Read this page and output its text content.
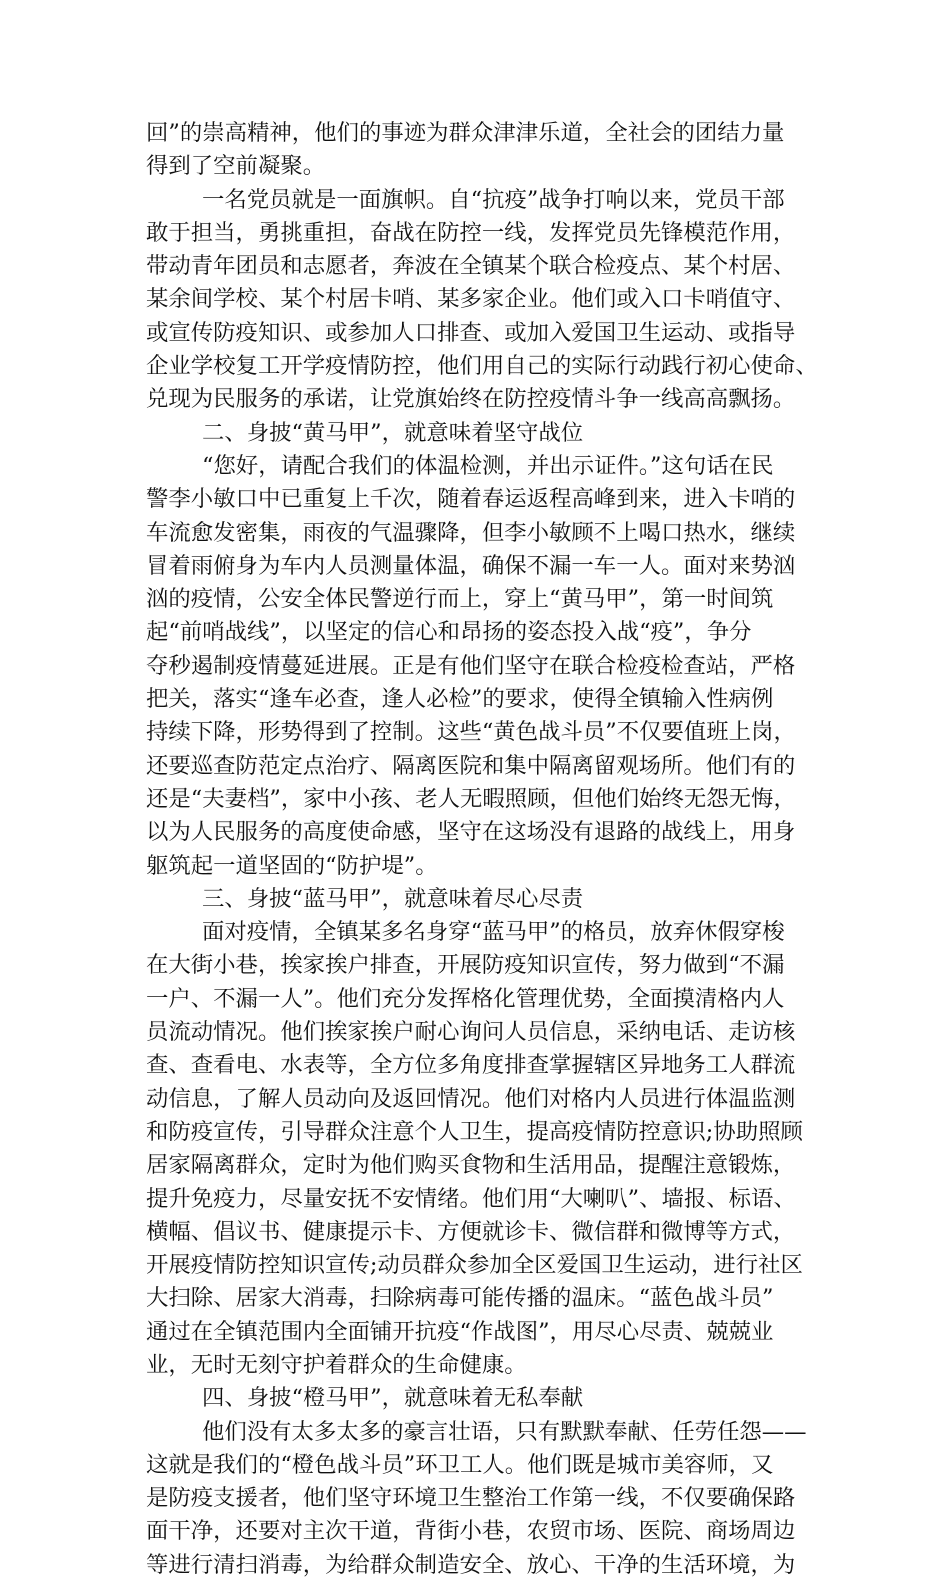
回”的崇高精神，他们的事迹为群众津津乐道，全社会的团结力量
得到了空前凝聚。
一名党员就是一面旗帜。自“抗疫”战争打响以来，党员干部
敢于担当，勇挑重担，奋战在防控一线，发挥党员先锋模范作用，
带动青年团员和志愿者，奔波在全镇某个联合检疫点、某个村居、
某余间学校、某个村居卡哨、某多家企业。他们或入口卡哨值守、
或宣传防疫知识、或参加人口排查、或加入爱国卫生运动、或指导
企业学校复工开学疫情防控，他们用自己的实际行动践行初心使命、
兑现为民服务的承诺，让党旗始终在防控疫情斗争一线高高飘扬。
二、身披“黄马甲”，就意味着坚守战位
“您好，请配合我们的体温检测，并出示证件。”这句话在民
警李小敏口中已重复上千次，随着春运返程高峰到来，进入卡哨的
车流愈发密集，雨夜的气温骤降，但李小敏顾不上喝口热水，继续
冒着雨俯身为车内人员测量体温，确保不漏一车一人。面对来势汹
汹的疫情，公安全体民警逆行而上，穿上“黄马甲”，第一时间筑
起“前哨战线”，以坚定的信心和昂扬的姿态投入战“疫”，争分
夺秒遏制疫情蔓延进展。正是有他们坚守在联合检疫检查站，严格
把关，落实“逢车必查，逢人必检”的要求，使得全镇输入性病例
持续下降，形势得到了控制。这些“黄色战斗员”不仅要值班上岗，
还要巡查防范定点治疗、隔离医院和集中隔离留观场所。他们有的
还是“夫妻档”，家中小孩、老人无暇照顾，但他们始终无怨无悔，
以为人民服务的高度使命感，坚守在这场没有退路的战线上，用身
躯筑起一道坚固的“防护堤”。
三、身披“蓝马甲”，就意味着尽心尽责
面对疫情，全镇某多名身穿“蓝马甲”的格员，放弃休假穿梭
在大街小巷，挨家挨户排查，开展防疫知识宣传，努力做到“不漏
一户、不漏一人”。他们充分发挥格化管理优势，全面摸清格内人
员流动情况。他们挨家挨户耐心询问人员信息，采纳电话、走访核
查、查看电、水表等，全方位多角度排查掌握辖区异地务工人群流
动信息，了解人员动向及返回情况。他们对格内人员进行体温监测
和防疫宣传，引导群众注意个人卫生，提高疫情防控意识;协助照顾
居家隔离群众，定时为他们购买食物和生活用品，提醒注意锻炼，
提升免疫力，尽量安抚不安情绪。他们用“大喇叭”、墙报、标语、
横幅、倡议书、健康提示卡、方便就诊卡、微信群和微博等方式，
开展疫情防控知识宣传;动员群众参加全区爱国卫生运动，进行社区
大扫除、居家大消毒，扫除病毒可能传播的温床。“蓝色战斗员”
通过在全镇范围内全面铺开抗疫“作战图”，用尽心尽责、兢兢业
业，无时无刻守护着群众的生命健康。
四、身披“橙马甲”，就意味着无私奉献
他们没有太多太多的豪言壮语，只有默默奉献、任劳任怨——
这就是我们的“橙色战斗员”环卫工人。他们既是城市美容师，又
是防疫支援者，他们坚守环境卫生整治工作第一线，不仅要确保路
面干净，还要对主次干道，背街小巷，农贸市场、医院、商场周边
等进行清扫消毒，为给群众制造安全、放心、干净的生活环境，为
